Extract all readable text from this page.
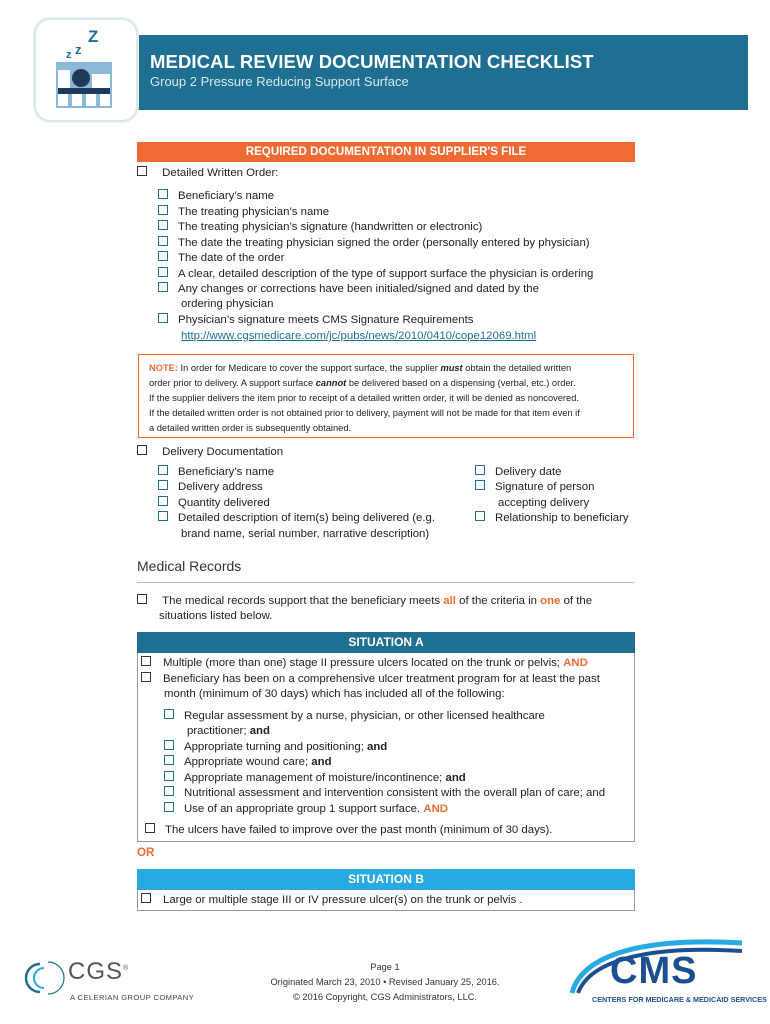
MEDICAL REVIEW DOCUMENTATION CHECKLIST
Group 2 Pressure Reducing Support Surface
z z
Z
REQUIRED DOCUMENTATION IN SUPPLIER'S FILE
Detailed Written Order:
Beneficiary’s name
The treating physician’s name
The treating physician’s signature (handwritten or electronic)
The date the treating physician signed the order (personally entered by physician)
The date of the order
A clear, detailed description of the type of support surface the physician is ordering
Any changes or corrections have been initialed/signed and dated by the
ordering physician
Physician’s signature meets CMS Signature Requirements
http://www.cgsmedicare.com/jc/pubs/news/2010/0410/cope12069.html
NOTE: In order for Medicare to cover the support surface, the supplier must obtain the detailed written
order prior to delivery. A support surface cannot be delivered based on a dispensing (verbal, etc.) order.
If the supplier delivers the item prior to receipt of a detailed written order, it will be denied as noncovered.
If the detailed written order is not obtained prior to delivery, payment will not be made for that item even if
a detailed written order is subsequently obtained.
Delivery Documentation
Beneficiary’s name
Delivery address
Quantity delivered
Detailed description of item(s) being delivered (e.g.
brand name, serial number, narrative description)
Delivery date
Signature of person
accepting delivery
Relationship to beneficiary
Medical Records
The medical records support that the beneficiary meets all of the criteria in one of the
situations listed below.
SITUATION A
Multiple (more than one) stage II pressure ulcers located on the trunk or pelvis; AND
Beneficiary has been on a comprehensive ulcer treatment program for at least the past
month (minimum of 30 days) which has included all of the following:
Regular assessment by a nurse, physician, or other licensed healthcare
practitioner; and
Appropriate turning and positioning; and
Appropriate wound care; and
Appropriate management of moisture/incontinence; and
Nutritional assessment and intervention consistent with the overall plan of care; and
Use of an appropriate group 1 support surface. AND
The ulcers have failed to improve over the past month (minimum of 30 days).
OR
SITUATION B
Large or multiple stage III or IV pressure ulcer(s) on the trunk or pelvis .
CGS®
A CELERIAN GROUP COMPANY
Page 1
Originated March 23, 2010 • Revised January 25, 2016.
© 2016 Copyright, CGS Administrators, LLC.
CMS
CENTERS FOR MEDICARE & MEDICAID SERVICES
